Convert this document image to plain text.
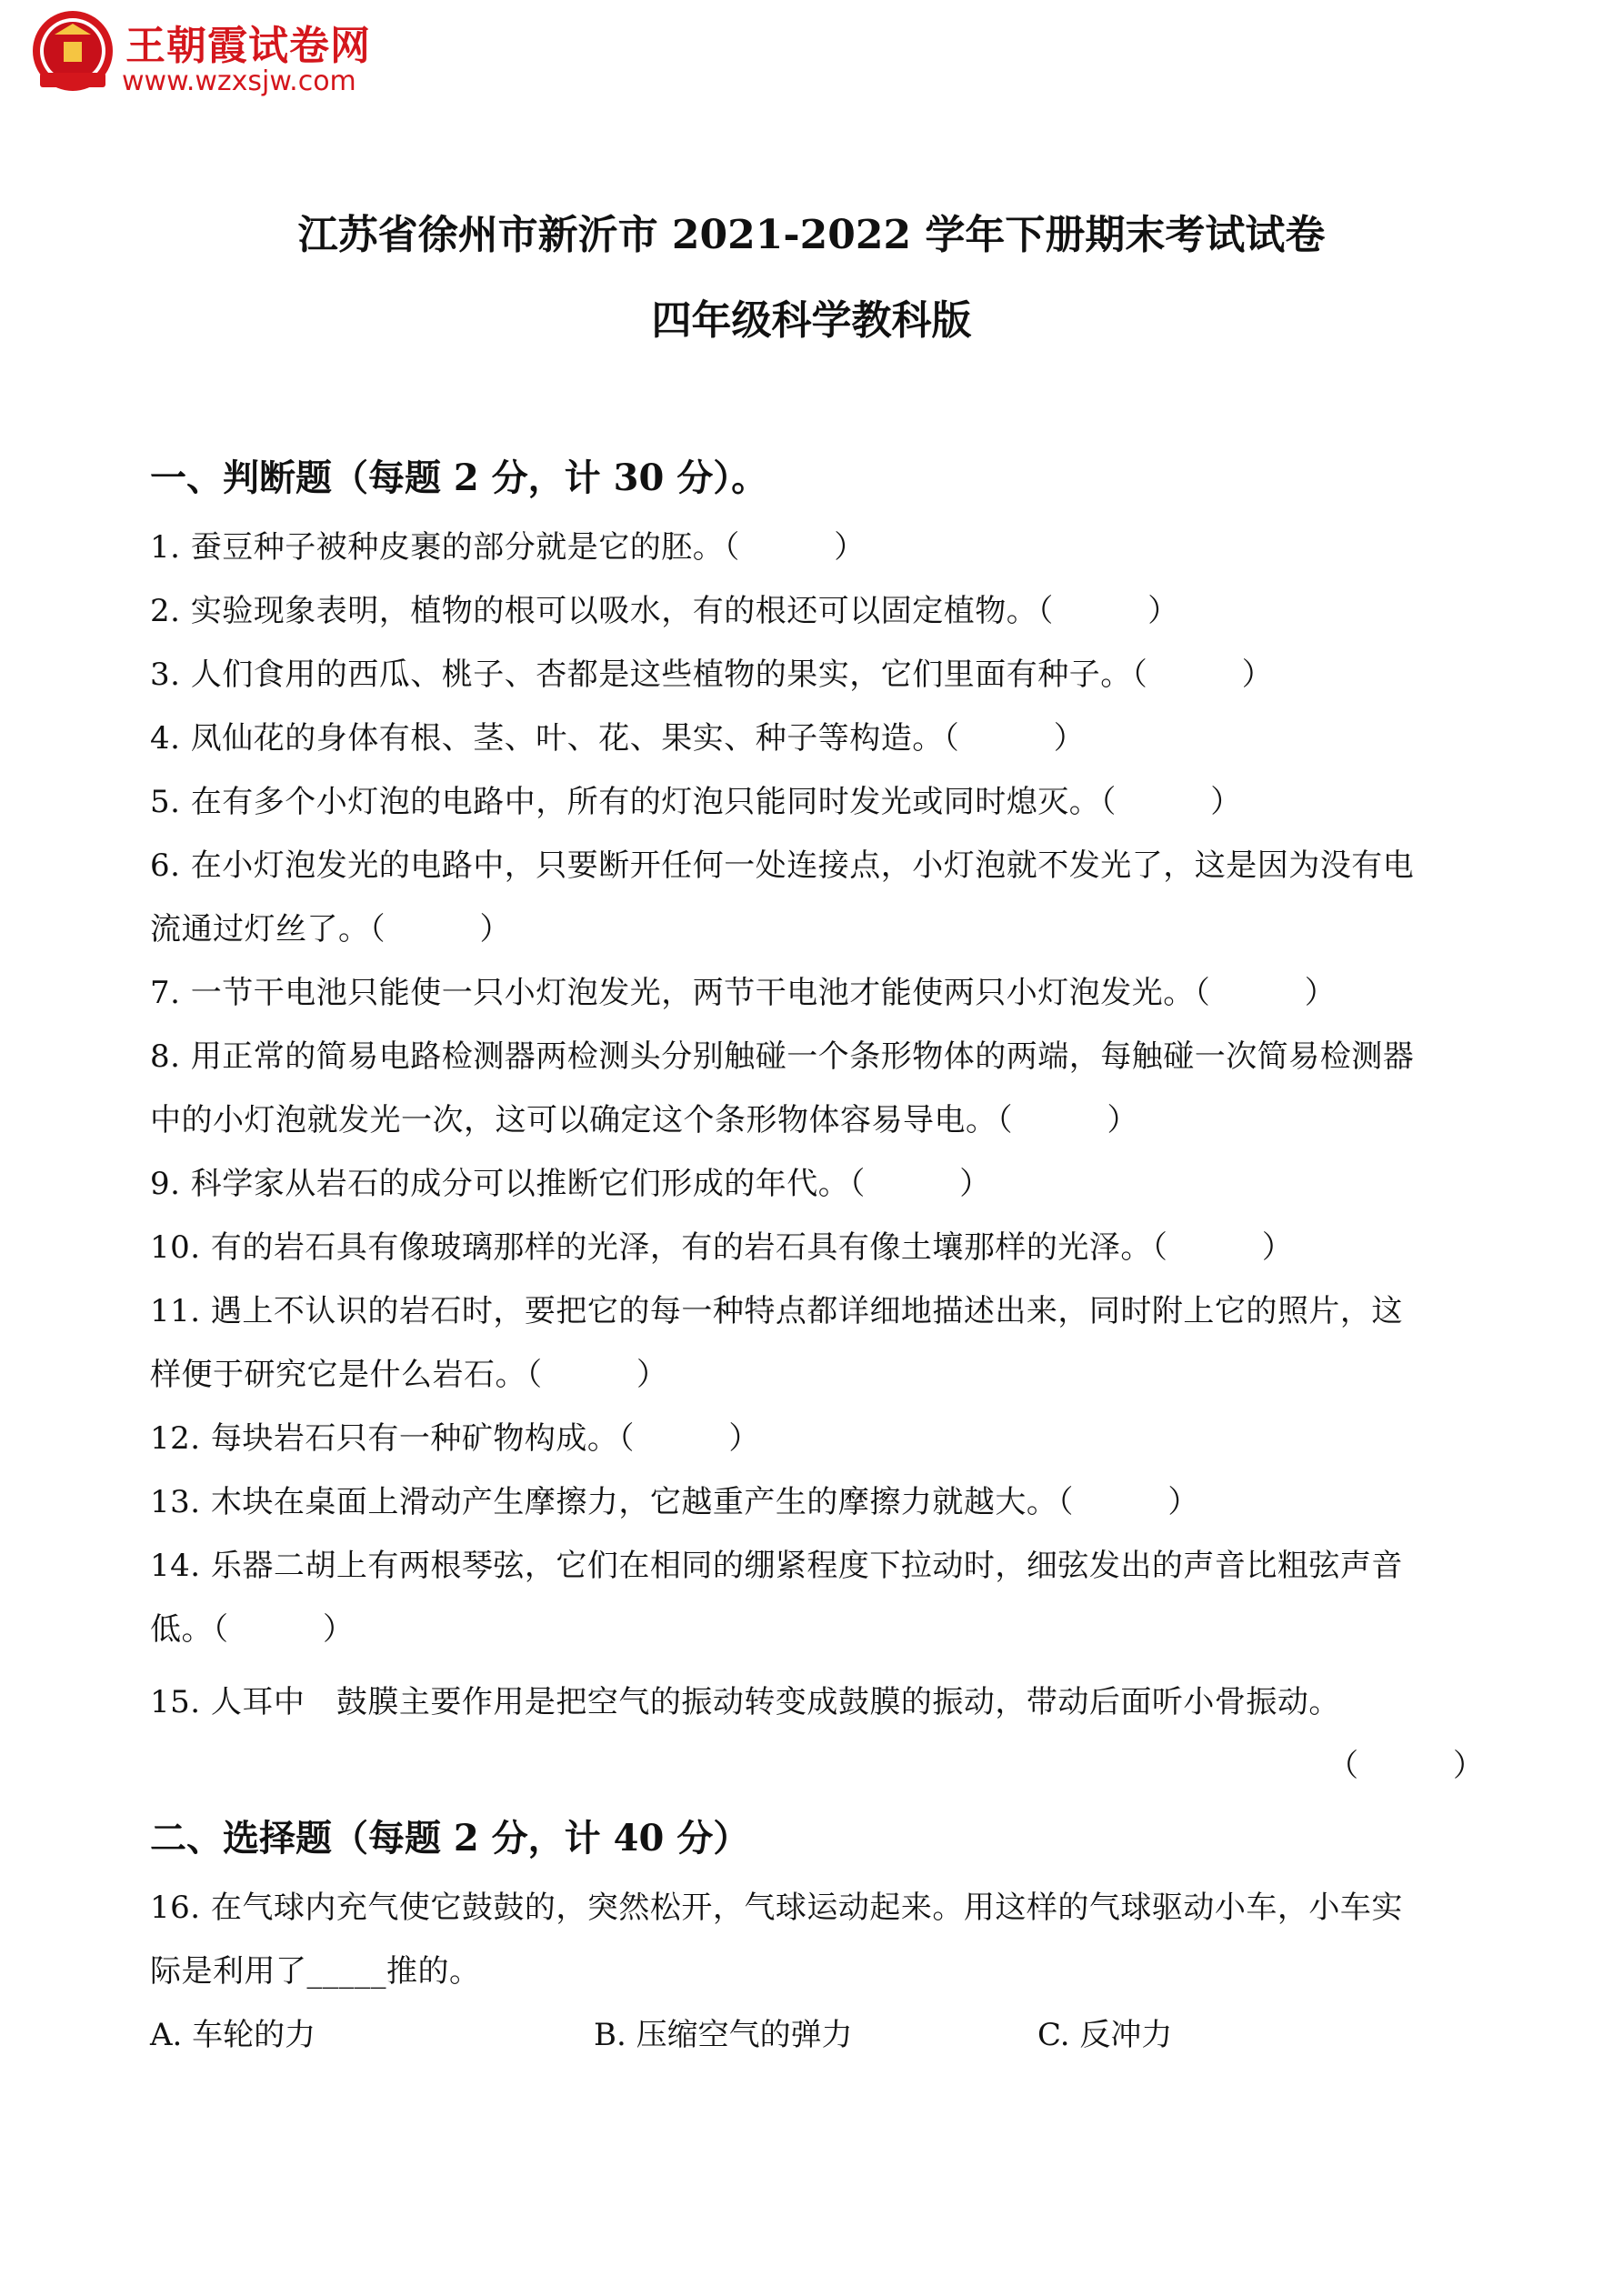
王朝霞试卷网
www.wzxsjw.com
江苏省徐州市新沂市 2021-2022 学年下册期末考试试卷
四年级科学教科版
一、判断题（每题 2 分，计 30 分）。
1. 蚕豆种子被种皮裹的部分就是它的胚。（　　　）
2. 实验现象表明，植物的根可以吸水，有的根还可以固定植物。（　　　）
3. 人们食用的西瓜、桃子、杏都是这些植物的果实，它们里面有种子。（　　　）
4. 凤仙花的身体有根、茎、叶、花、果实、种子等构造。（　　　）
5. 在有多个小灯泡的电路中，所有的灯泡只能同时发光或同时熄灭。（　　　）
6. 在小灯泡发光的电路中，只要断开任何一处连接点，小灯泡就不发光了，这是因为没有电
流通过灯丝了。（　　　）
7. 一节干电池只能使一只小灯泡发光，两节干电池才能使两只小灯泡发光。（　　　）
8. 用正常的简易电路检测器两检测头分别触碰一个条形物体的两端，每触碰一次简易检测器
中的小灯泡就发光一次，这可以确定这个条形物体容易导电。（　　　）
9. 科学家从岩石的成分可以推断它们形成的年代。（　　　）
10. 有的岩石具有像玻璃那样的光泽，有的岩石具有像土壤那样的光泽。（　　　）
11. 遇上不认识的岩石时，要把它的每一种特点都详细地描述出来，同时附上它的照片，这
样便于研究它是什么岩石。（　　　）
12. 每块岩石只有一种矿物构成。（　　　）
13. 木块在桌面上滑动产生摩擦力，它越重产生的摩擦力就越大。（　　　）
14. 乐器二胡上有两根琴弦，它们在相同的绷紧程度下拉动时，细弦发出的声音比粗弦声音
低。（　　　）
15. 人耳中　鼓膜主要作用是把空气的振动转变成鼓膜的振动，带动后面听小骨振动。
（　　　）
二、选择题（每题 2 分，计 40 分）
16. 在气球内充气使它鼓鼓的，突然松开，气球运动起来。用这样的气球驱动小车，小车实
际是利用了_____推的。
A. 车轮的力	B. 压缩空气的弹力	C. 反冲力
